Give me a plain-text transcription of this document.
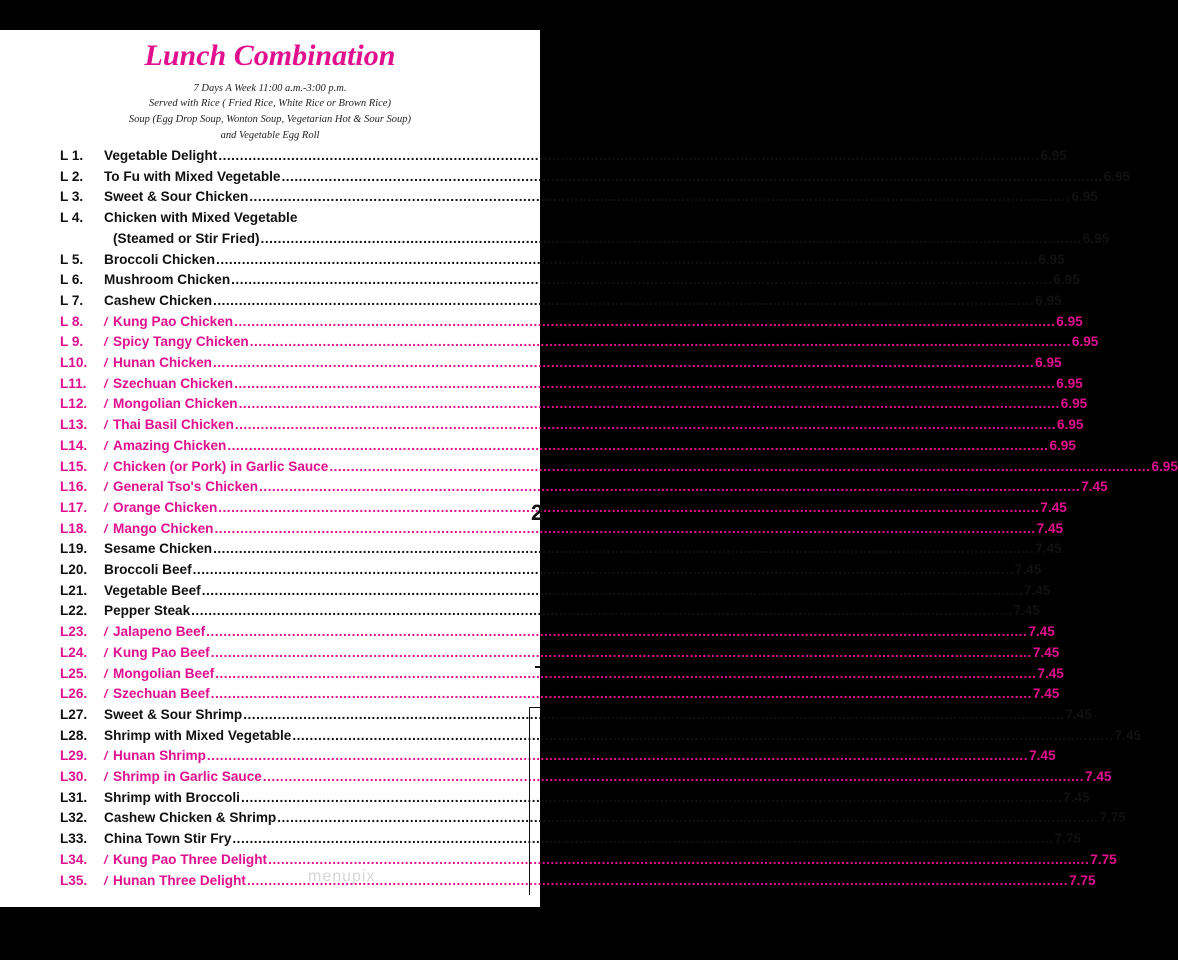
Lunch Combination
7 Days A Week 11:00 a.m.-3:00 p.m.
Served with Rice ( Fried Rice, White Rice or Brown Rice)
Soup (Egg Drop Soup, Wonton Soup, Vegetarian Hot & Sour Soup)
and Vegetable Egg Roll
L 1.	Vegetable Delight .....	6.95
L 2.	To Fu with Mixed Vegetable .....	6.95
L 3.	Sweet & Sour Chicken .....	6.95
L 4.	Chicken with Mixed Vegetable
(Steamed or Stir Fried) .....	6.95
L 5.	Broccoli Chicken .....	6.95
L 6.	Mushroom Chicken .....	6.95
L 7.	Cashew Chicken .....	6.95
L 8.	/ Kung Pao Chicken .....	6.95
L 9.	/ Spicy Tangy Chicken .....	6.95
L10.	/ Hunan Chicken .....	6.95
L11.	/ Szechuan Chicken .....	6.95
L12.	/ Mongolian Chicken .....	6.95
L13.	/ Thai Basil Chicken .....	6.95
L14.	/ Amazing Chicken .....	6.95
L15.	/ Chicken (or Pork) in Garlic Sauce .....	6.95
L16.	/ General Tso's Chicken .....	7.45
L17.	/ Orange Chicken .....	7.45
L18.	/ Mango Chicken .....	7.45
L19.	Sesame Chicken .....	7.45
L20.	Broccoli Beef .....	7.45
L21.	Vegetable Beef .....	7.45
L22.	Pepper Steak .....	7.45
L23.	/ Jalapeno Beef .....	7.45
L24.	/ Kung Pao Beef .....	7.45
L25.	/ Mongolian Beef .....	7.45
L26.	/ Szechuan Beef .....	7.45
L27.	Sweet & Sour Shrimp .....	7.45
L28.	Shrimp with Mixed Vegetable .....	7.45
L29.	/ Hunan Shrimp .....	7.45
L30.	/ Shrimp in Garlic Sauce .....	7.45
L31.	Shrimp with Broccoli .....	7.45
L32.	Cashew Chicken & Shrimp .....	7.75
L33.	China Town Stir Fry .....	7.75
L34.	/ Kung Pao Three Delight .....	7.75
L35.	/ Hunan Three Delight .....	7.75
menupix
2
